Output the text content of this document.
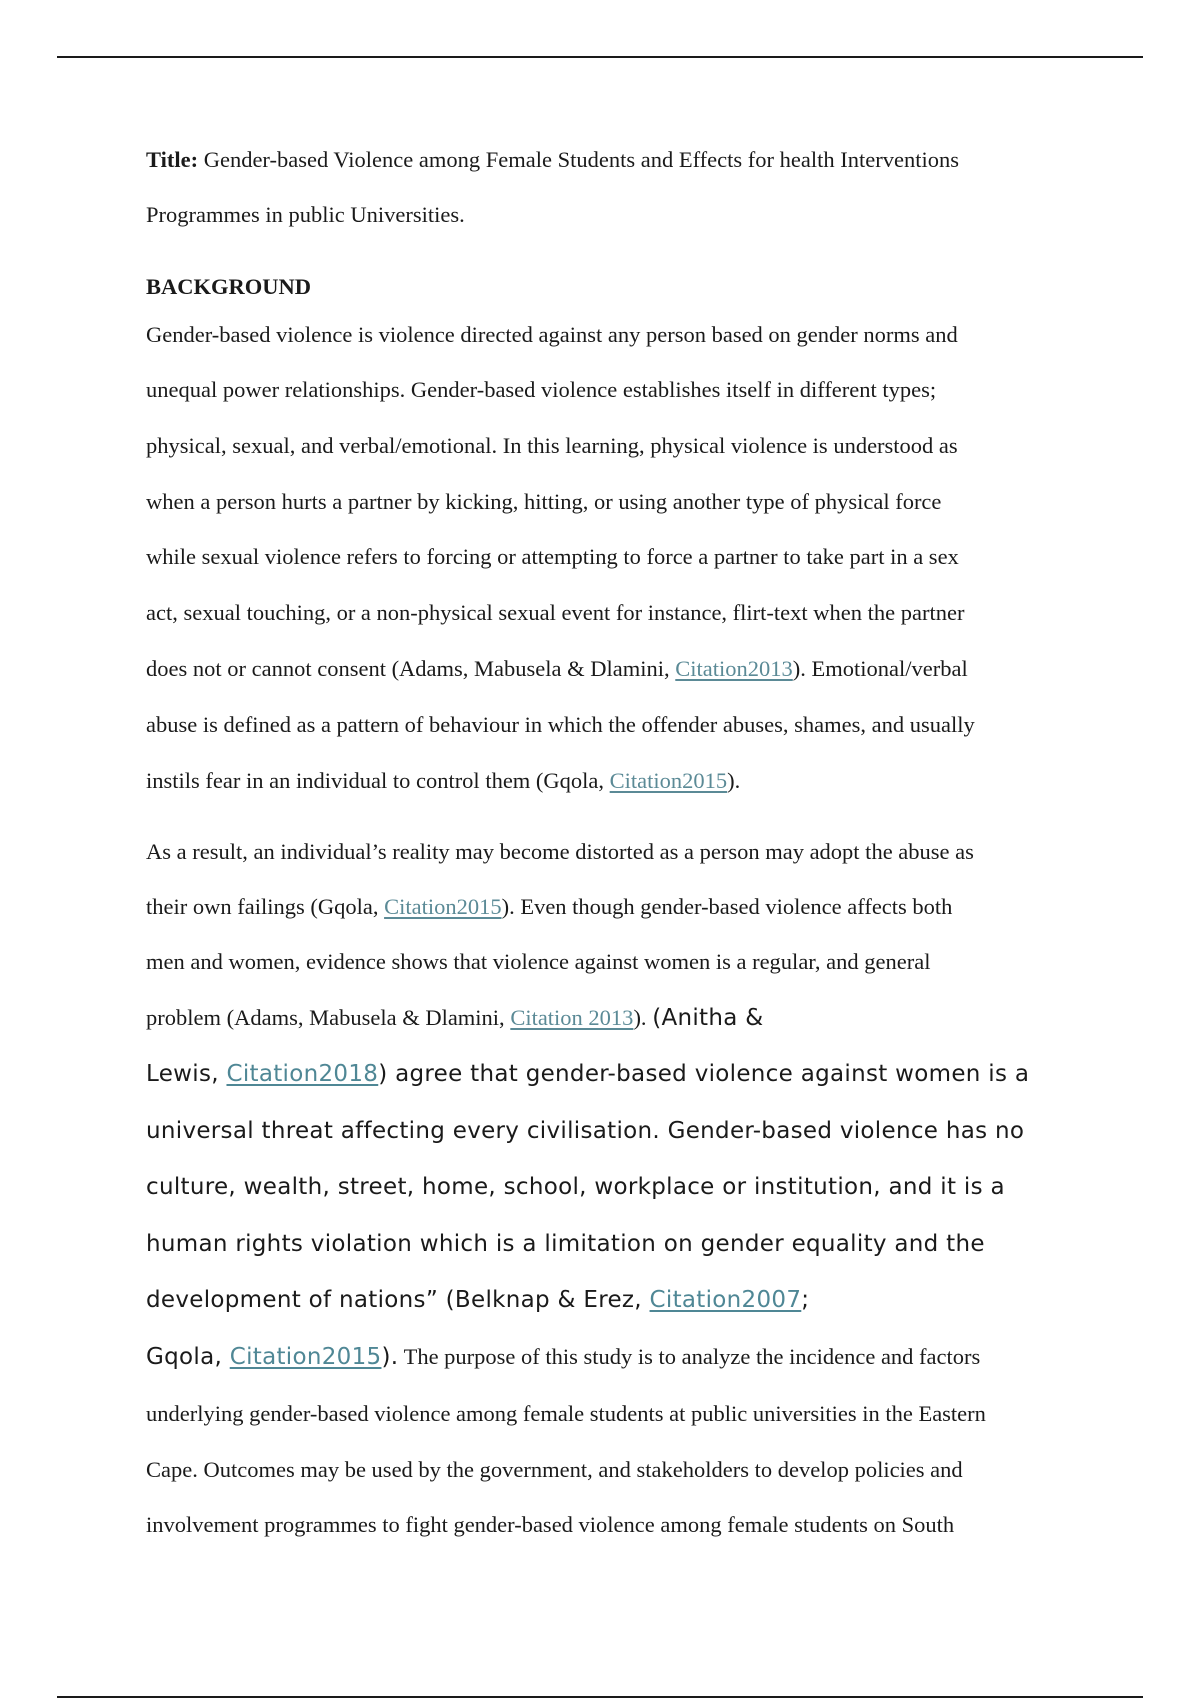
Title: Gender-based Violence among Female Students and Effects for health Interventions
Programmes in public Universities.
BACKGROUND
Gender-based violence is violence directed against any person based on gender norms and
unequal power relationships. Gender-based violence establishes itself in different types;
physical, sexual, and verbal/emotional. In this learning, physical violence is understood as
when a person hurts a partner by kicking, hitting, or using another type of physical force
while sexual violence refers to forcing or attempting to force a partner to take part in a sex
act, sexual touching, or a non-physical sexual event for instance, flirt-text when the partner
does not or cannot consent (Adams, Mabusela & Dlamini, Citation2013). Emotional/verbal
abuse is defined as a pattern of behaviour in which the offender abuses, shames, and usually
instils fear in an individual to control them (Gqola, Citation2015).
As a result, an individual’s reality may become distorted as a person may adopt the abuse as
their own failings (Gqola, Citation2015). Even though gender-based violence affects both
men and women, evidence shows that violence against women is a regular, and general
problem (Adams, Mabusela & Dlamini, Citation 2013). (Anitha &
Lewis, Citation2018) agree that gender-based violence against women is a
universal threat affecting every civilisation. Gender-based violence has no
culture, wealth, street, home, school, workplace or institution, and it is a
human rights violation which is a limitation on gender equality and the
development of nations” (Belknap & Erez, Citation2007;
Gqola, Citation2015). The purpose of this study is to analyze the incidence and factors
underlying gender-based violence among female students at public universities in the Eastern
Cape. Outcomes may be used by the government, and stakeholders to develop policies and
involvement programmes to fight gender-based violence among female students on South
